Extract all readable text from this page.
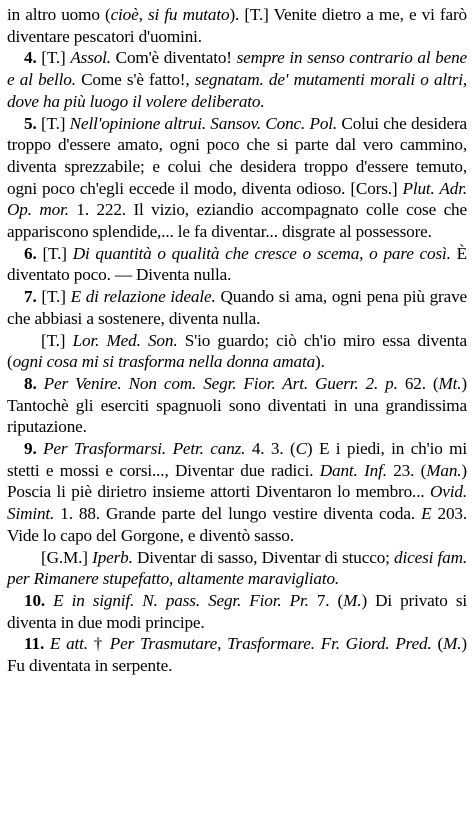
in altro uomo (cioè, si fu mutato). [T.] Venite dietro a me, e vi farò diventare pescatori d'uomini.

4. [T.] Assol. Com'è diventato! sempre in senso contrario al bene e al bello. Come s'è fatto!, segnatam. de' mutamenti morali o altri, dove ha più luogo il volere deliberato.

5. [T.] Nell'opinione altrui. Sansov. Conc. Pol. Colui che desidera troppo d'essere amato, ogni poco che si parte dal vero cammino, diventa sprezzabile; e colui che desidera troppo d'essere temuto, ogni poco ch'egli eccede il modo, diventa odioso. [Cors.] Plut. Adr. Op. mor. 1. 222. Il vizio, eziandio accompagnato colle cose che appariscono splendide,... le fa diventar... disgrate al possessore.

6. [T.] Di quantità o qualità che cresce o scema, o pare così. È diventato poco. — Diventa nulla.

7. [T.] E di relazione ideale. Quando si ama, ogni pena più grave che abbiasi a sostenere, diventa nulla.

[T.] Lor. Med. Son. S'io guardo; ciò ch'io miro essa diventa (ogni cosa mi si trasforma nella donna amata).

8. Per Venire. Non com. Segr. Fior. Art. Guerr. 2. p. 62. (Mt.) Tantochè gli eserciti spagnuoli sono diventati in una grandissima riputazione.

9. Per Trasformarsi. Petr. canz. 4. 3. (C) E i piedi, in ch'io mi stetti e mossi e corsi..., Diventar due radici. Dant. Inf. 23. (Man.) Poscia li piè dirietro insieme attorti Diventaron lo membro... Ovid. Simint. 1. 88. Grande parte del lungo vestire diventa coda. E 203. Vide lo capo del Gorgone, e diventò sasso.

[G.M.] Iperb. Diventar di sasso, Diventar di stucco; dicesi fam. per Rimanere stupefatto, altamente maravigliato.

10. E in signif. N. pass. Segr. Fior. Pr. 7. (M.) Di privato si diventa in due modi principe.

11. E att. † Per Trasmutare, Trasformare. Fr. Giord. Pred. (M.) Fu diventata in serpente.
